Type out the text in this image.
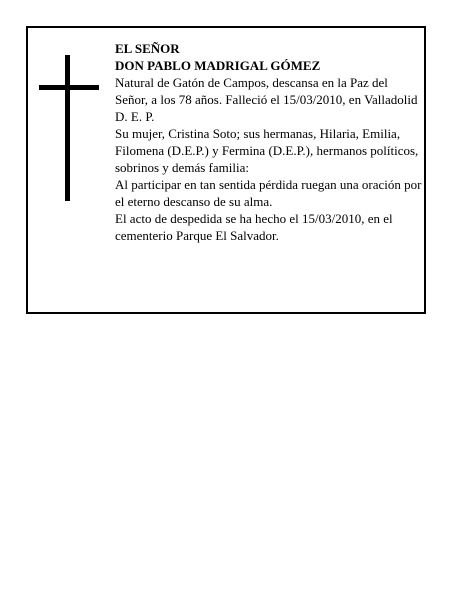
EL SEÑOR

DON PABLO MADRIGAL GÓMEZ

Natural de Gatón de Campos, descansa en la Paz del Señor, a los 78 años. Falleció el 15/03/2010, en Valladolid

D. E. P.

Su mujer, Cristina Soto; sus hermanas, Hilaria, Emilia, Filomena (D.E.P.) y Fermina (D.E.P.), hermanos políticos, sobrinos y demás familia:

Al participar en tan sentida pérdida ruegan una oración por el eterno descanso de su alma.

El acto de despedida se ha hecho el 15/03/2010, en el cementerio Parque El Salvador.
